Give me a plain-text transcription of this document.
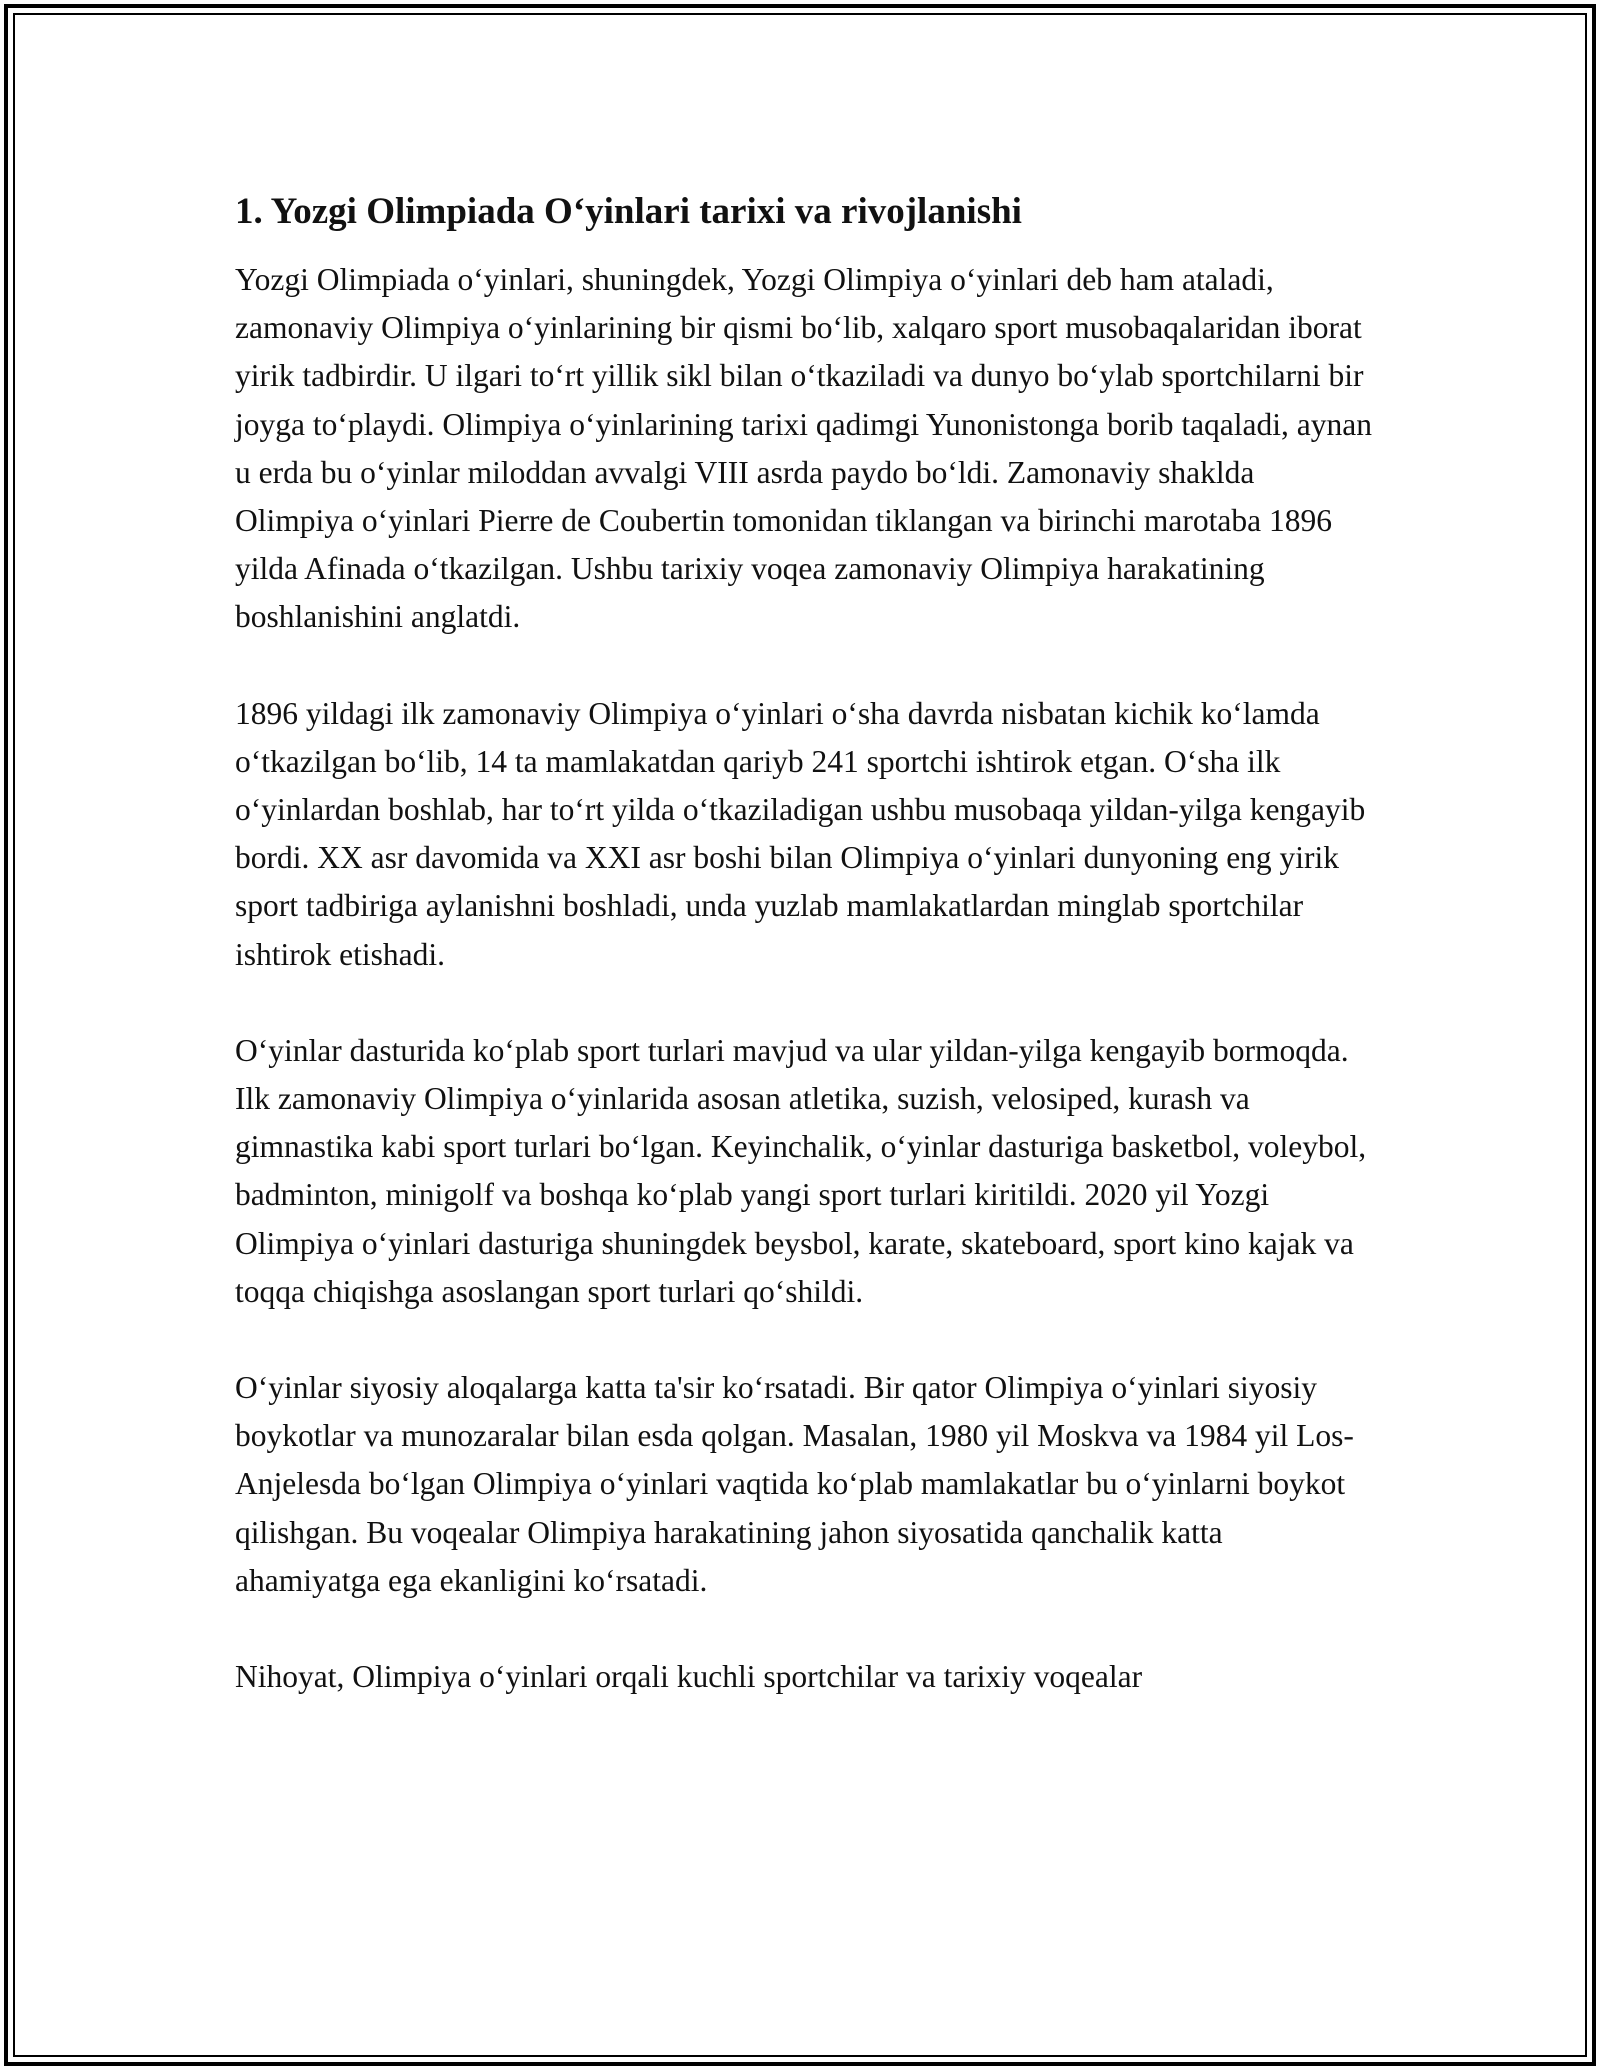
1. Yozgi Olimpiada O‘yinlari tarixi va rivojlanishi

Yozgi Olimpiada o‘yinlari, shuningdek, Yozgi Olimpiya o‘yinlari deb ham ataladi, zamonaviy Olimpiya o‘yinlarining bir qismi bo‘lib, xalqaro sport musobaqalaridan iborat yirik tadbirdir. U ilgari to‘rt yillik sikl bilan o‘tkaziladi va dunyo bo‘ylab sportchilarni bir joyga to‘playdi. Olimpiya o‘yinlarining tarixi qadimgi Yunonistonga borib taqaladi, aynan u erda bu o‘yinlar miloddan avvalgi VIII asrda paydo bo‘ldi. Zamonaviy shaklda Olimpiya o‘yinlari Pierre de Coubertin tomonidan tiklangan va birinchi marotaba 1896 yilda Afinada o‘tkazilgan. Ushbu tarixiy voqea zamonaviy Olimpiya harakatining boshlanishini anglatdi.

1896 yildagi ilk zamonaviy Olimpiya o‘yinlari o‘sha davrda nisbatan kichik ko‘lamda o‘tkazilgan bo‘lib, 14 ta mamlakatdan qariyb 241 sportchi ishtirok etgan. O‘sha ilk o‘yinlardan boshlab, har to‘rt yilda o‘tkaziladigan ushbu musobaqa yildan-yilga kengayib bordi. XX asr davomida va XXI asr boshi bilan Olimpiya o‘yinlari dunyoning eng yirik sport tadbiriga aylanishni boshladi, unda yuzlab mamlakatlardan minglab sportchilar ishtirok etishadi.

O‘yinlar dasturida ko‘plab sport turlari mavjud va ular yildan-yilga kengayib bormoqda. Ilk zamonaviy Olimpiya o‘yinlarida asosan atletika, suzish, velosiped, kurash va gimnastika kabi sport turlari bo‘lgan. Keyinchalik, o‘yinlar dasturiga basketbol, voleybol, badminton, minigolf va boshqa ko‘plab yangi sport turlari kiritildi. 2020 yil Yozgi Olimpiya o‘yinlari dasturiga shuningdek beysbol, karate, skateboard, sport kino kajak va toqqa chiqishga asoslangan sport turlari qo‘shildi.

O‘yinlar siyosiy aloqalarga katta ta'sir ko‘rsatadi. Bir qator Olimpiya o‘yinlari siyosiy boykotlar va munozaralar bilan esda qolgan. Masalan, 1980 yil Moskva va 1984 yil Los-Anjelesda bo‘lgan Olimpiya o‘yinlari vaqtida ko‘plab mamlakatlar bu o‘yinlarni boykot qilishgan. Bu voqealar Olimpiya harakatining jahon siyosatida qanchalik katta ahamiyatga ega ekanligini ko‘rsatadi.

Nihoyat, Olimpiya o‘yinlari orqali kuchli sportchilar va tarixiy voqealar
